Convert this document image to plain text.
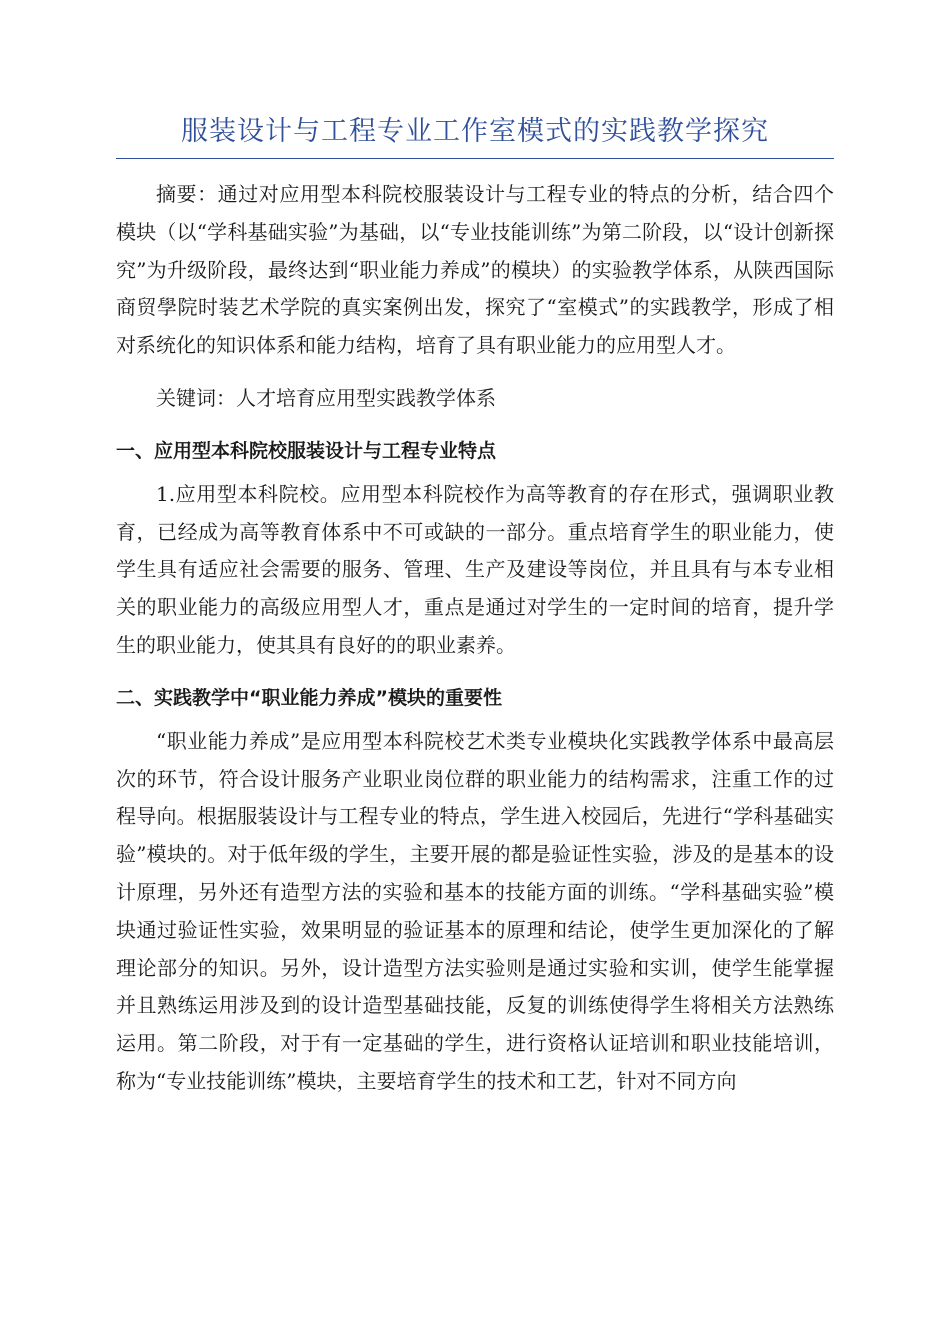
服装设计与工程专业工作室模式的实践教学探究

摘要：通过对应用型本科院校服装设计与工程专业的特点的分析，结合四个模块（以“学科基础实验”为基础，以“专业技能训练”为第二阶段，以“设计创新探究”为升级阶段，最终达到“职业能力养成”的模块）的实验教学体系，从陕西国际商贸學院时装艺术学院的真实案例出发，探究了“室模式”的实践教学，形成了相对系统化的知识体系和能力结构，培育了具有职业能力的应用型人才。

关键词：人才培育应用型实践教学体系

一、应用型本科院校服装设计与工程专业特点

1.应用型本科院校。应用型本科院校作为高等教育的存在形式，强调职业教育，已经成为高等教育体系中不可或缺的一部分。重点培育学生的职业能力，使学生具有适应社会需要的服务、管理、生产及建设等岗位，并且具有与本专业相关的职业能力的高级应用型人才，重点是通过对学生的一定时间的培育，提升学生的职业能力，使其具有良好的的职业素养。

二、实践教学中“职业能力养成”模块的重要性

“职业能力养成”是应用型本科院校艺术类专业模块化实践教学体系中最高层次的环节，符合设计服务产业职业岗位群的职业能力的结构需求，注重工作的过程导向。根据服装设计与工程专业的特点，学生进入校园后，先进行“学科基础实验”模块的。对于低年级的学生，主要开展的都是验证性实验，涉及的是基本的设计原理，另外还有造型方法的实验和基本的技能方面的训练。“学科基础实验”模块通过验证性实验，效果明显的验证基本的原理和结论，使学生更加深化的了解理论部分的知识。另外，设计造型方法实验则是通过实验和实训，使学生能掌握并且熟练运用涉及到的设计造型基础技能，反复的训练使得学生将相关方法熟练运用。第二阶段，对于有一定基础的学生，进行资格认证培训和职业技能培训，称为“专业技能训练”模块，主要培育学生的技术和工艺，针对不同方向
